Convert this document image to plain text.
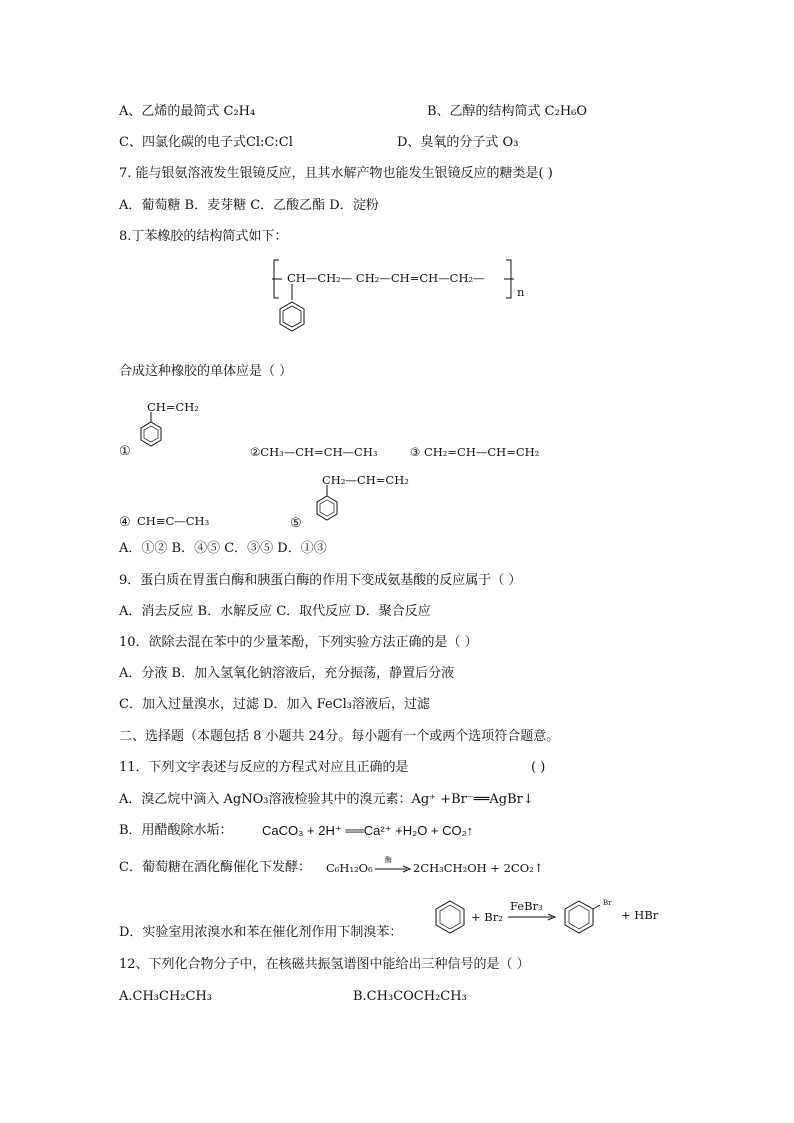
A、乙烯的最简式 C₂H₄	B、乙醇的结构简式 C₂H₆O
C、四氯化碳的电子式Cl:C:Cl	D、臭氧的分子式 O₃
7. 能与银氨溶液发生银镜反应，且其水解产物也能发生银镜反应的糖类是( )
A．葡萄糖 B．麦芽糖 C．乙酸乙酯 D．淀粉
8.丁苯橡胶的结构简式如下：
CH—CH₂— CH₂—CH=CH—CH₂—
n
合成这种橡胶的单体应是（ ）
CH=CH₂
①	②CH₃—CH=CH—CH₃	③ CH₂=CH—CH=CH₂
CH₂—CH=CH₂
⑤
④ CH≡C—CH₃
A．①② B．④⑤ C．③⑤ D．①③
9．蛋白质在胃蛋白酶和胰蛋白酶的作用下变成氨基酸的反应属于（ ）
A．消去反应 B．水解反应 C．取代反应 D．聚合反应
10．欲除去混在苯中的少量苯酚，下列实验方法正确的是（ ）
A．分液 B．加入氢氧化钠溶液后，充分振荡，静置后分液
C．加入过量溴水，过滤 D．加入 FeCl₃溶液后，过滤
二、选择题（本题包括 8 小题共 24分。每小题有一个或两个选项符合题意。
11．下列文字表述与反应的方程式对应且正确的是	( )
A．溴乙烷中滴入 AgNO₃溶液检验其中的溴元素：Ag⁺ +Br⁻══AgBr↓
B．用醋酸除水垢： CaCO₃ + 2H⁺ ══Ca²⁺ +H₂O + CO₂↑
C．葡萄糖在酒化酶催化下发酵： C₆H₁₂O₆
酶
2CH₃CH₂OH + 2CO₂↑
D．实验室用浓溴水和苯在催化剂作用下制溴苯：
+ Br₂
FeBr₃	Br
+ HBr
12、下列化合物分子中，在核磁共振氢谱图中能给出三种信号的是（ ）
A.CH₃CH₂CH₃	B.CH₃COCH₂CH₃
